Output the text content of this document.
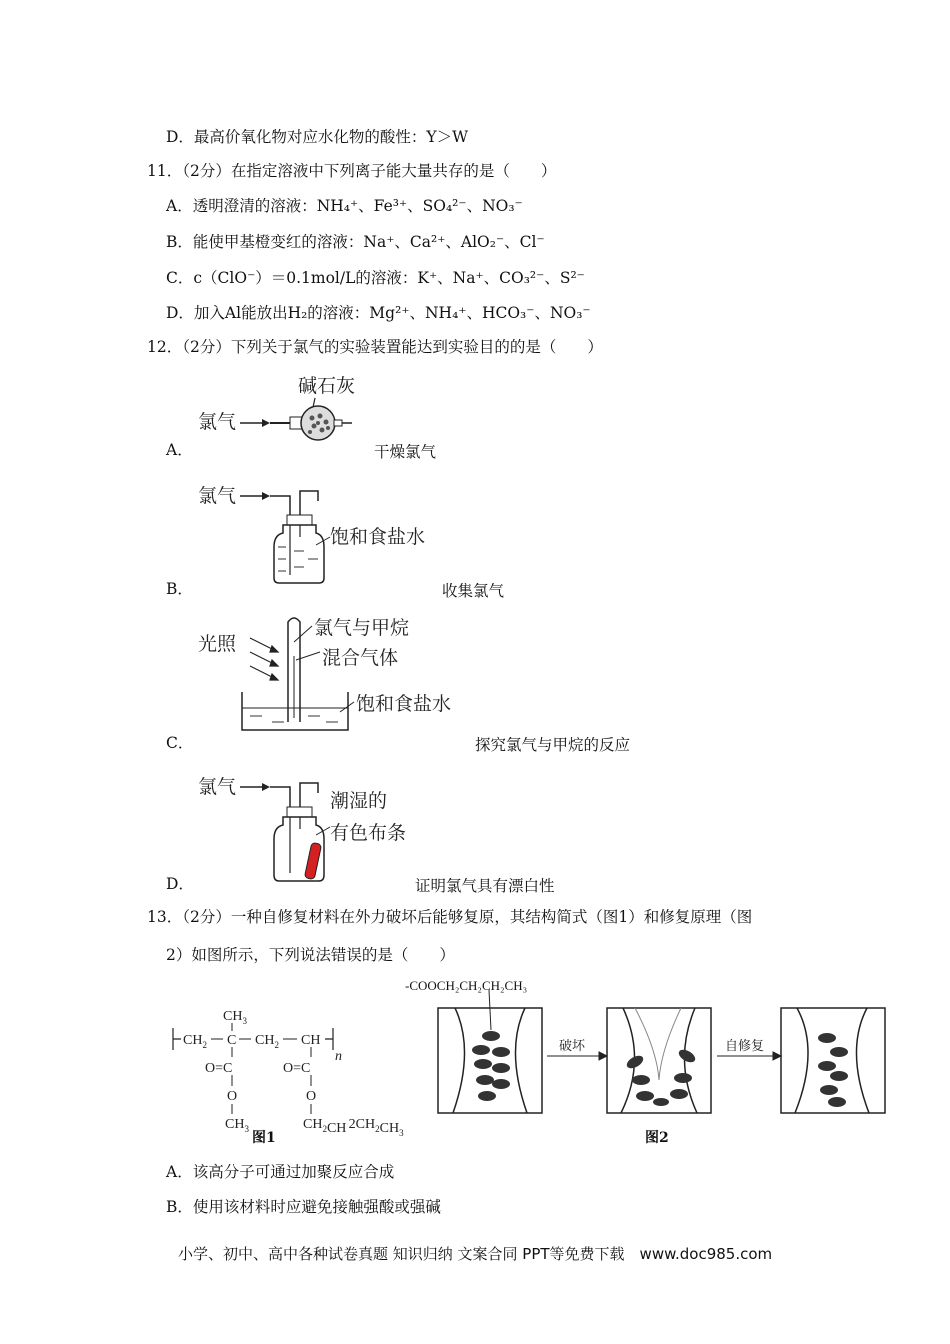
D．最高价氧化物对应水化物的酸性：Y＞W
11．（2分）在指定溶液中下列离子能大量共存的是（　　）
A．透明澄清的溶液：NH₄⁺、Fe³⁺、SO₄²⁻、NO₃⁻
B．能使甲基橙变红的溶液：Na⁺、Ca²⁺、AlO₂⁻、Cl⁻
C．c（ClO⁻）＝0.1mol/L的溶液：K⁺、Na⁺、CO₃²⁻、S²⁻
D．加入Al能放出H₂的溶液：Mg²⁺、NH₄⁺、HCO₃⁻、NO₃⁻
12．（2分）下列关于氯气的实验装置能达到实验目的的是（　　）
A．
碱石灰
氯气
干燥氯气
B．
氯气
饱和食盐水
收集氯气
C．
光照
氯气与甲烷
混合气体
饱和食盐水
探究氯气与甲烷的反应
D．
氯气
潮湿的
有色布条
证明氯气具有漂白性
13．（2分）一种自修复材料在外力破坏后能够复原，其结构简式（图1）和修复原理（图
2）如图所示，下列说法错误的是（　　）
$CH_2$ C
$CH_3$
$CH_2$ CH
n
O=C
O
$CH_3$
O=C
O
$CH_2CH$ $2CH_2CH_3$
图1
-COOCH₂CH₂CH₂CH₃
破坏	自修复
图2
A．该高分子可通过加聚反应合成
B．使用该材料时应避免接触强酸或强碱
小学、初中、高中各种试卷真题 知识归纳 文案合同 PPT等免费下载　www.doc985.com
